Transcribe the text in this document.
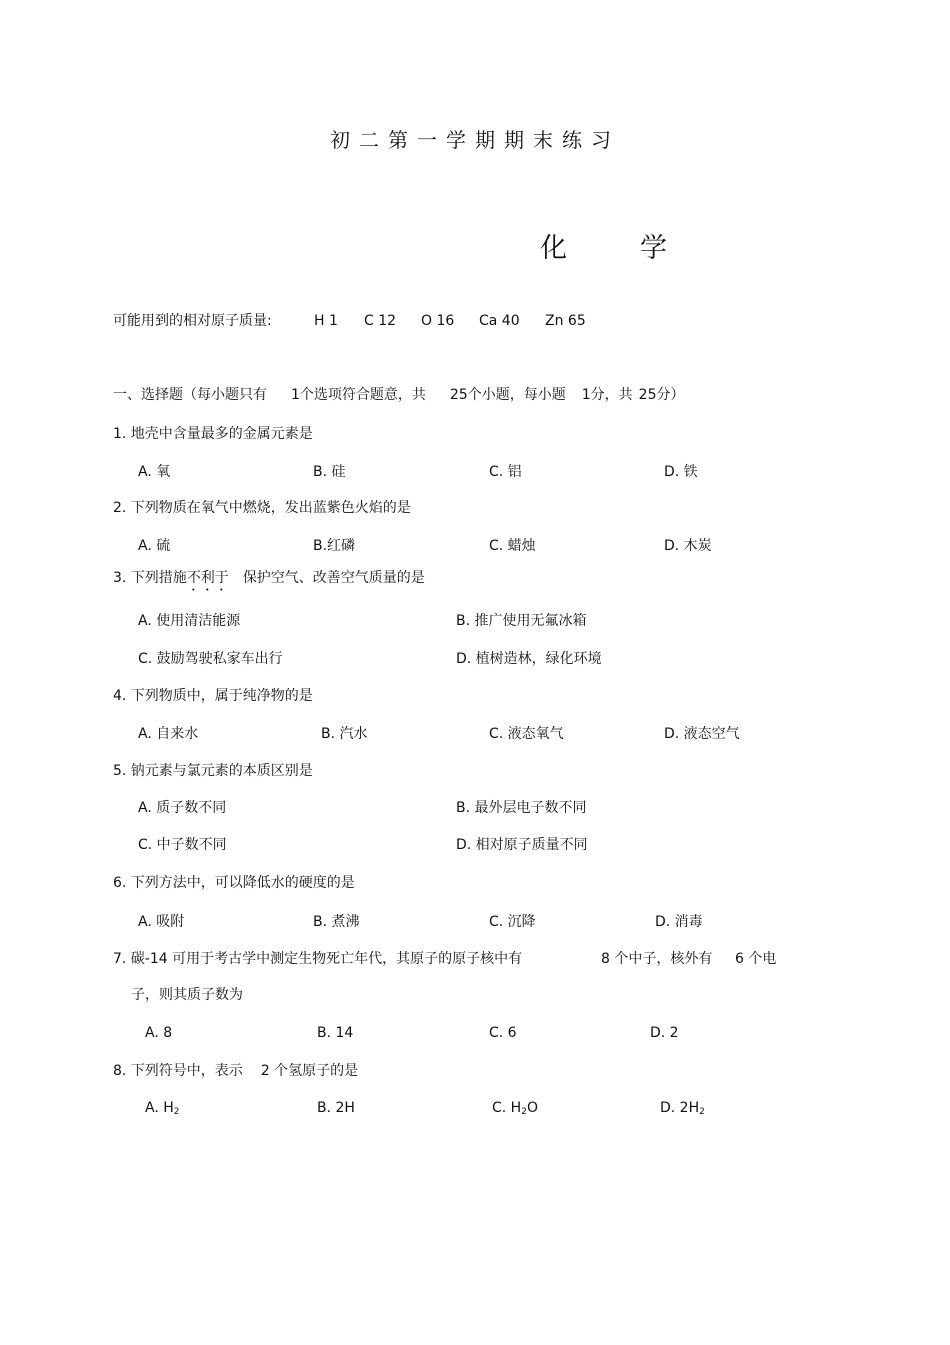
初二第一学期期末练习
化	学
可能用到的相对原子质量:	H 1 C 12 O 16 Ca 40 Zn 65
一、选择题（每小题只有 1个选项符合题意，共 25个小题，每小题 1分，共 25分）
1. 地壳中含量最多的金属元素是
A. 氧	B. 硅	C. 铝	D. 铁
2. 下列物质在氧气中燃烧，发出蓝紫色火焰的是
A. 硫	B.红磷	C. 蜡烛	D. 木炭
3. 下列措施不利于 保护空气、改善空气质量的是
A. 使用清洁能源	B. 推广使用无氟冰箱
C. 鼓励驾驶私家车出行	D. 植树造林，绿化环境
4. 下列物质中，属于纯净物的是
A. 自来水	B. 汽水	C. 液态氧气	D. 液态空气
5. 钠元素与氯元素的本质区别是
A. 质子数不同	B. 最外层电子数不同
C. 中子数不同	D. 相对原子质量不同
6. 下列方法中，可以降低水的硬度的是
A. 吸附	B. 煮沸	C. 沉降	D. 消毒
7. 碳-14 可用于考古学中测定生物死亡年代，其原子的原子核中有	8 个中子，核外有 6 个电
子，则其质子数为
A. 8	B. 14	C. 6	D. 2
8. 下列符号中，表示 2 个氢原子的是
A. $H_2$	B. 2H	C. $H_2O$	D. $2H_2$
